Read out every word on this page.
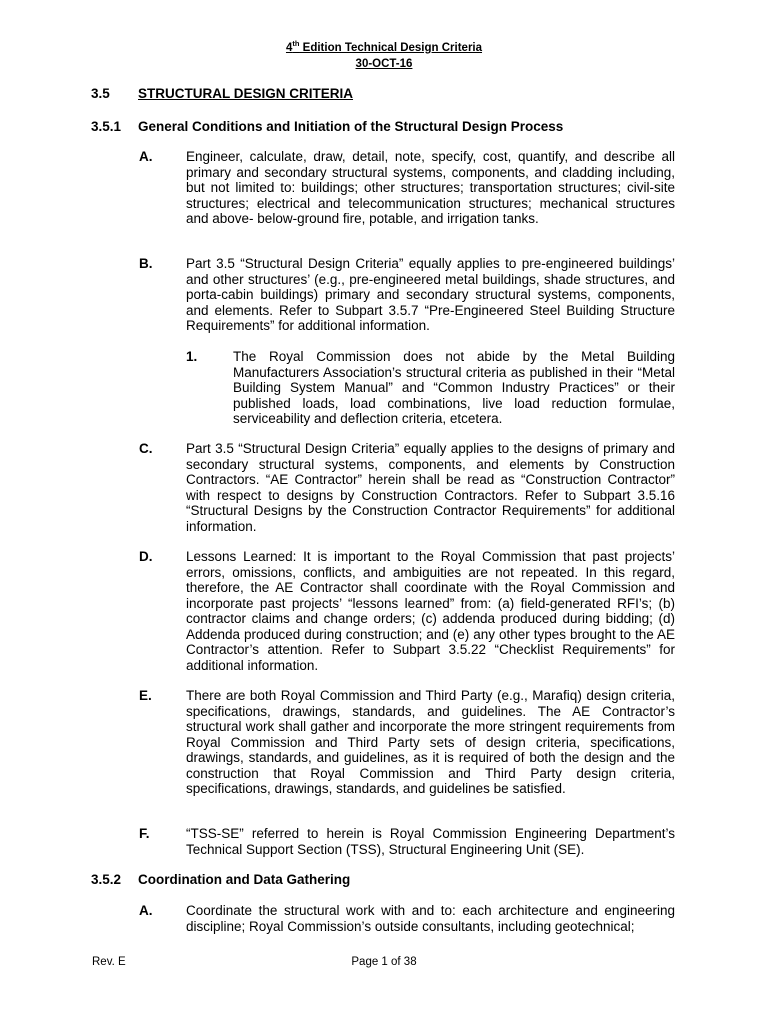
4th Edition Technical Design Criteria
30-OCT-16
3.5 STRUCTURAL DESIGN CRITERIA
3.5.1 General Conditions and Initiation of the Structural Design Process
A. Engineer, calculate, draw, detail, note, specify, cost, quantify, and describe all primary and secondary structural systems, components, and cladding including, but not limited to: buildings; other structures; transportation structures; civil-site structures; electrical and telecommunication structures; mechanical structures and above- below-ground fire, potable, and irrigation tanks.
B. Part 3.5 “Structural Design Criteria” equally applies to pre-engineered buildings’ and other structures’ (e.g., pre-engineered metal buildings, shade structures, and porta-cabin buildings) primary and secondary structural systems, components, and elements. Refer to Subpart 3.5.7 “Pre-Engineered Steel Building Structure Requirements” for additional information.
1.	The Royal Commission does not abide by the Metal Building Manufacturers Association’s structural criteria as published in their “Metal Building System Manual” and “Common Industry Practices” or their published loads, load combinations, live load reduction formulae, serviceability and deflection criteria, etcetera.
C. Part 3.5 “Structural Design Criteria” equally applies to the designs of primary and secondary structural systems, components, and elements by Construction Contractors. “AE Contractor” herein shall be read as “Construction Contractor” with respect to designs by Construction Contractors. Refer to Subpart 3.5.16 “Structural Designs by the Construction Contractor Requirements” for additional information.
D. Lessons Learned: It is important to the Royal Commission that past projects’ errors, omissions, conflicts, and ambiguities are not repeated. In this regard, therefore, the AE Contractor shall coordinate with the Royal Commission and incorporate past projects’ “lessons learned” from: (a) field-generated RFI’s; (b) contractor claims and change orders; (c) addenda produced during bidding; (d) Addenda produced during construction; and (e) any other types brought to the AE Contractor’s attention. Refer to Subpart 3.5.22 “Checklist Requirements” for additional information.
E.	There are both Royal Commission and Third Party (e.g., Marafiq) design criteria, specifications, drawings, standards, and guidelines. The AE Contractor’s structural work shall gather and incorporate the more stringent requirements from Royal Commission and Third Party sets of design criteria, specifications, drawings, standards, and guidelines, as it is required of both the design and the construction that Royal Commission and Third Party design criteria, specifications, drawings, standards, and guidelines be satisfied.
F.	“TSS-SE” referred to herein is Royal Commission Engineering Department’s Technical Support Section (TSS), Structural Engineering Unit (SE).
3.5.2 Coordination and Data Gathering
A. Coordinate the structural work with and to: each architecture and engineering discipline; Royal Commission’s outside consultants, including geotechnical;
Rev. E	Page 1 of 38
